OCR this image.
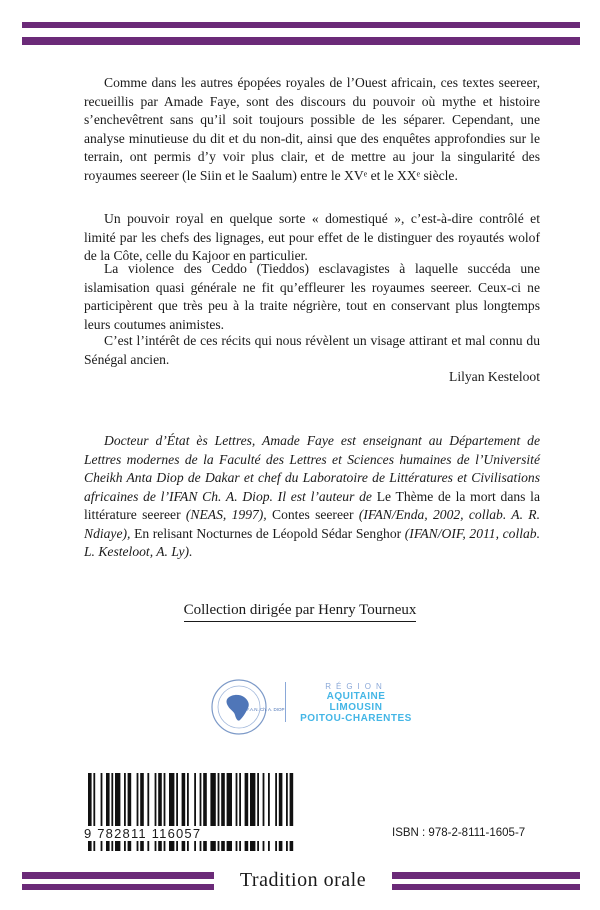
Comme dans les autres épopées royales de l’Ouest africain, ces textes seereer, recueillis par Amade Faye, sont des discours du pouvoir où mythe et histoire s’enchevêtrent sans qu’il soit toujours possible de les séparer. Cependant, une analyse minutieuse du dit et du non-dit, ainsi que des enquêtes approfondies sur le terrain, ont permis d’y voir plus clair, et de mettre au jour la singularité des royaumes seereer (le Siin et le Saalum) entre le XVᵉ et le XXᵉ siècle.

Un pouvoir royal en quelque sorte « domestiqué », c’est-à-dire contrôlé et limité par les chefs des lignages, eut pour effet de le distinguer des royautés wolof de la Côte, celle du Kajoor en particulier.

La violence des Ceddo (Tieddos) esclavagistes à laquelle succéda une islamisation quasi générale ne fit qu’effleurer les royaumes seereer. Ceux-ci ne participèrent que très peu à la traite négrière, tout en conservant plus longtemps leurs coutumes animistes.

C’est l’intérêt de ces récits qui nous révèlent un visage attirant et mal connu du Sénégal ancien.

Lilyan Kesteloot

Docteur d’État ès Lettres, Amade Faye est enseignant au Département de Lettres modernes de la Faculté des Lettres et Sciences humaines de l’Université Cheikh Anta Diop de Dakar et chef du Laboratoire de Littératures et Civilisations africaines de l’IFAN Ch. A. Diop. Il est l’auteur de Le Thème de la mort dans la littérature seereer (NEAS, 1997), Contes seereer (IFAN/Enda, 2002, collab. A. R. Ndiaye), En relisant Nocturnes de Léopold Sédar Senghor (IFAN/OIF, 2011, collab. L. Kesteloot, A. Ly).

Collection dirigée par Henry Tourneux
I.F.A.N. Ch. A. DIOP
RÉGION
AQUITAINE
LIMOUSIN
POITOU-CHARENTES
9 782811 116057	ISBN : 978-2-8111-1605-7
Tradition orale
